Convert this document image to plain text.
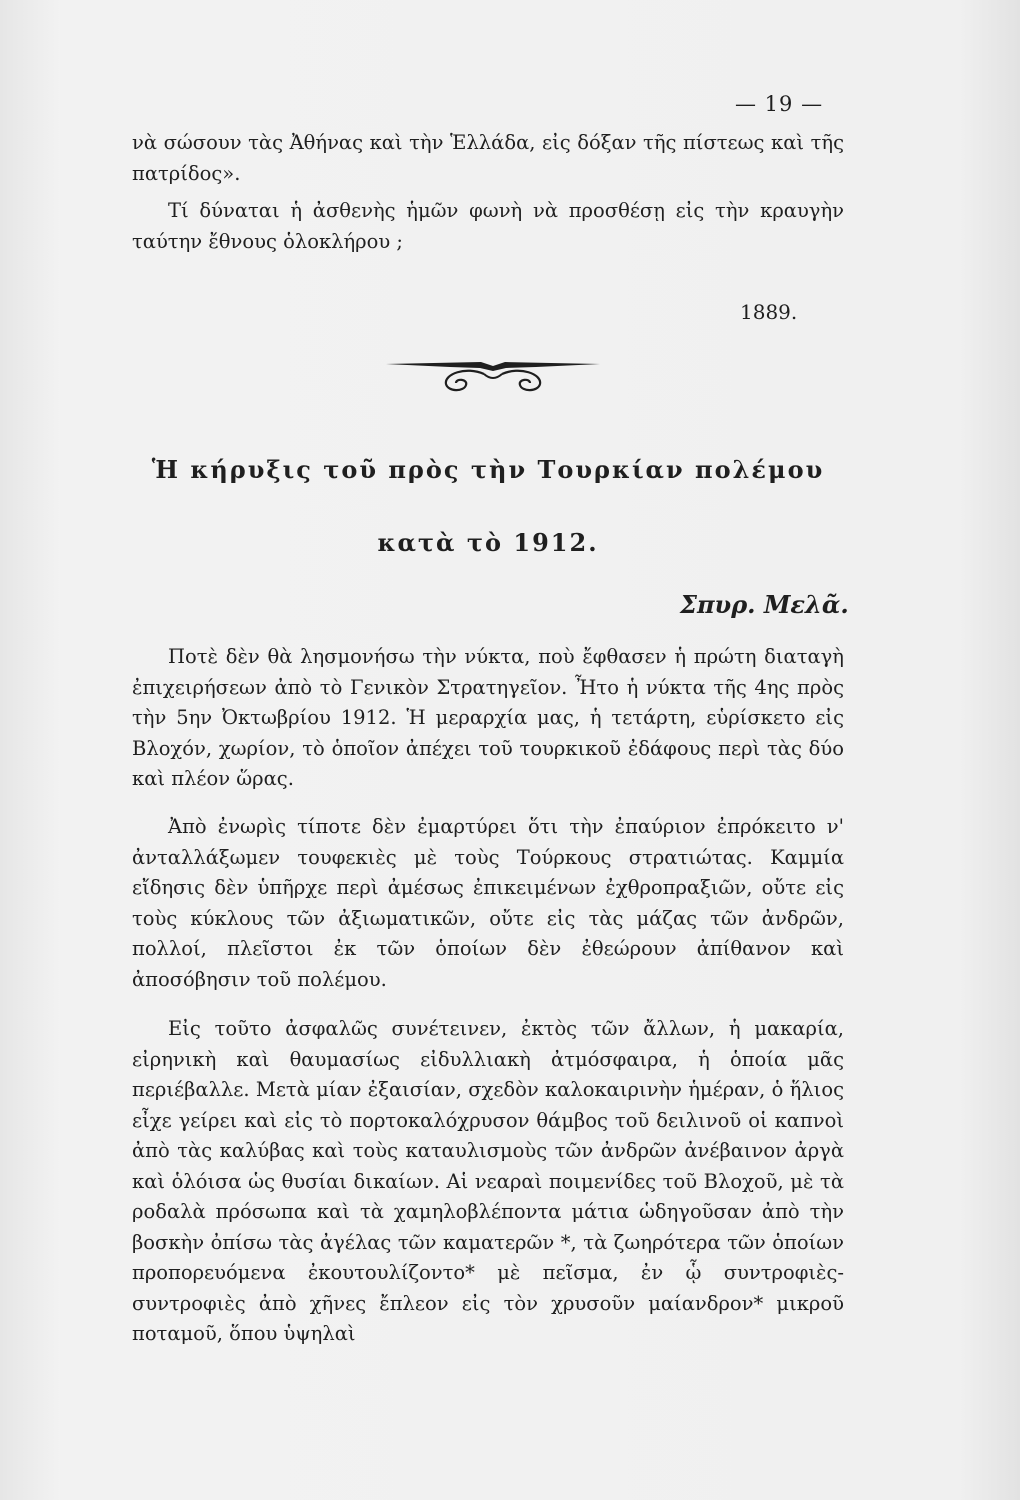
— 19 —
νὰ σώσουν τὰς Ἀθήνας καὶ τὴν Ἑλλάδα, εἰς δόξαν τῆς πίστεως καὶ τῆς πατρίδος».
Τί δύναται ἡ ἀσθενὴς ἡμῶν φωνὴ νὰ προσθέσῃ εἰς τὴν κραυγὴν ταύτην ἔθνους ὁλοκλήρου ;
1889.
Ἡ κήρυξις τοῦ πρὸς τὴν Τουρκίαν πολέμου
κατὰ τὸ 1912.
Σπυρ. Μελᾶ.
Ποτὲ δὲν θὰ λησμονήσω τὴν νύκτα, ποὺ ἔφθασεν ἡ πρώτη διαταγὴ ἐπιχειρήσεων ἀπὸ τὸ Γενικὸν Στρατηγεῖον. Ἦτο ἡ νύκτα τῆς 4ης πρὸς τὴν 5ην Ὀκτωβρίου 1912. Ἡ μεραρχία μας, ἡ τετάρτη, εὑρίσκετο εἰς Βλοχόν, χωρίον, τὸ ὁποῖον ἀπέχει τοῦ τουρκικοῦ ἐδάφους περὶ τὰς δύο καὶ πλέον ὥρας.
Ἀπὸ ἐνωρὶς τίποτε δὲν ἐμαρτύρει ὅτι τὴν ἐπαύριον ἐπρόκειτο ν' ἀνταλλάξωμεν τουφεκιὲς μὲ τοὺς Τούρκους στρατιώτας. Καμμία εἴδησις δὲν ὑπῆρχε περὶ ἀμέσως ἐπικειμένων ἐχθροπραξιῶν, οὔτε εἰς τοὺς κύκλους τῶν ἀξιωματικῶν, οὔτε εἰς τὰς μάζας τῶν ἀνδρῶν, πολλοί, πλεῖστοι ἐκ τῶν ὁποίων δὲν ἐθεώρουν ἀπίθανον καὶ ἀποσόβησιν τοῦ πολέμου.
Εἰς τοῦτο ἀσφαλῶς συνέτεινεν, ἐκτὸς τῶν ἄλλων, ἡ μακαρία, εἰρηνικὴ καὶ θαυμασίως εἰδυλλιακὴ ἀτμόσφαιρα, ἡ ὁποία μᾶς περιέβαλλε. Μετὰ μίαν ἐξαισίαν, σχεδὸν καλοκαιρινὴν ἡμέραν, ὁ ἥλιος εἶχε γείρει καὶ εἰς τὸ πορτοκαλόχρυσον θάμβος τοῦ δειλινοῦ οἱ καπνοὶ ἀπὸ τὰς καλύβας καὶ τοὺς καταυλισμοὺς τῶν ἀνδρῶν ἀνέβαινον ἀργὰ καὶ ὁλόισα ὡς θυσίαι δικαίων. Αἱ νεαραὶ ποιμενίδες τοῦ Βλοχοῦ, μὲ τὰ ροδαλὰ πρόσωπα καὶ τὰ χαμηλοβλέποντα μάτια ὡδηγοῦσαν ἀπὸ τὴν βοσκὴν ὀπίσω τὰς ἀγέλας τῶν καματερῶν *, τὰ ζωηρότερα τῶν ὁποίων προπορευόμενα ἐκουτουλίζοντο* μὲ πεῖσμα, ἐν ᾧ συντροφιὲς-συντροφιὲς ἀπὸ χῆνες ἔπλεον εἰς τὸν χρυσοῦν μαίανδρον* μικροῦ ποταμοῦ, ὅπου ὑψηλαὶ
